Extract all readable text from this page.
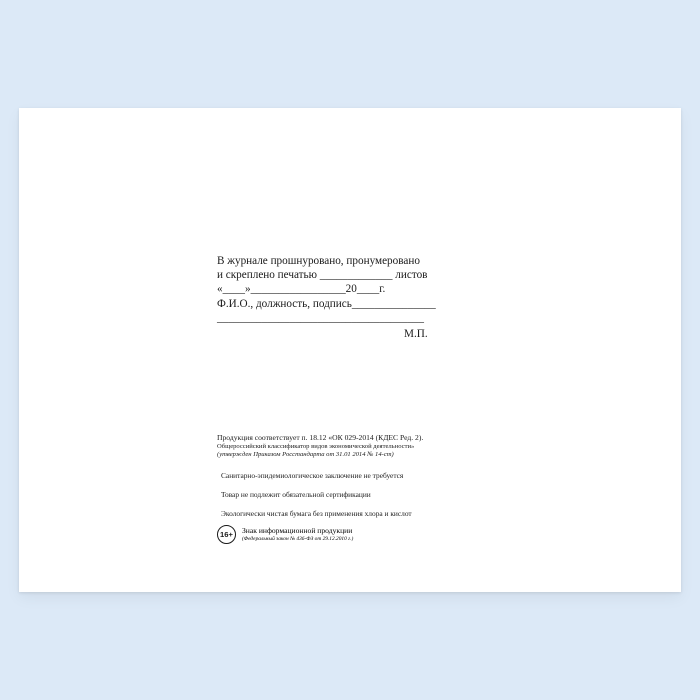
В журнале прошнуровано, пронумеровано
и скреплено печатью _____________ листов
«____»_________________20____г.
Ф.И.О., должность, подпись_______________
_____________________________________
М.П.
Продукция соответствует п. 18.12 «ОК 029-2014 (КДЕС Ред. 2).
Общероссийский классификатор видов экономической деятельности»
(утвержден Приказом Росстандарта от 31.01 2014 № 14-ст)
Санитарно-эпидемиологическое заключение не требуется
Товар не подлежит обязательной сертификации
Экологически чистая бумага без применения хлора и кислот
16+	Знак информационной продукции
(Федеральный закон № 436-ФЗ от 29.12.2010 г.)
